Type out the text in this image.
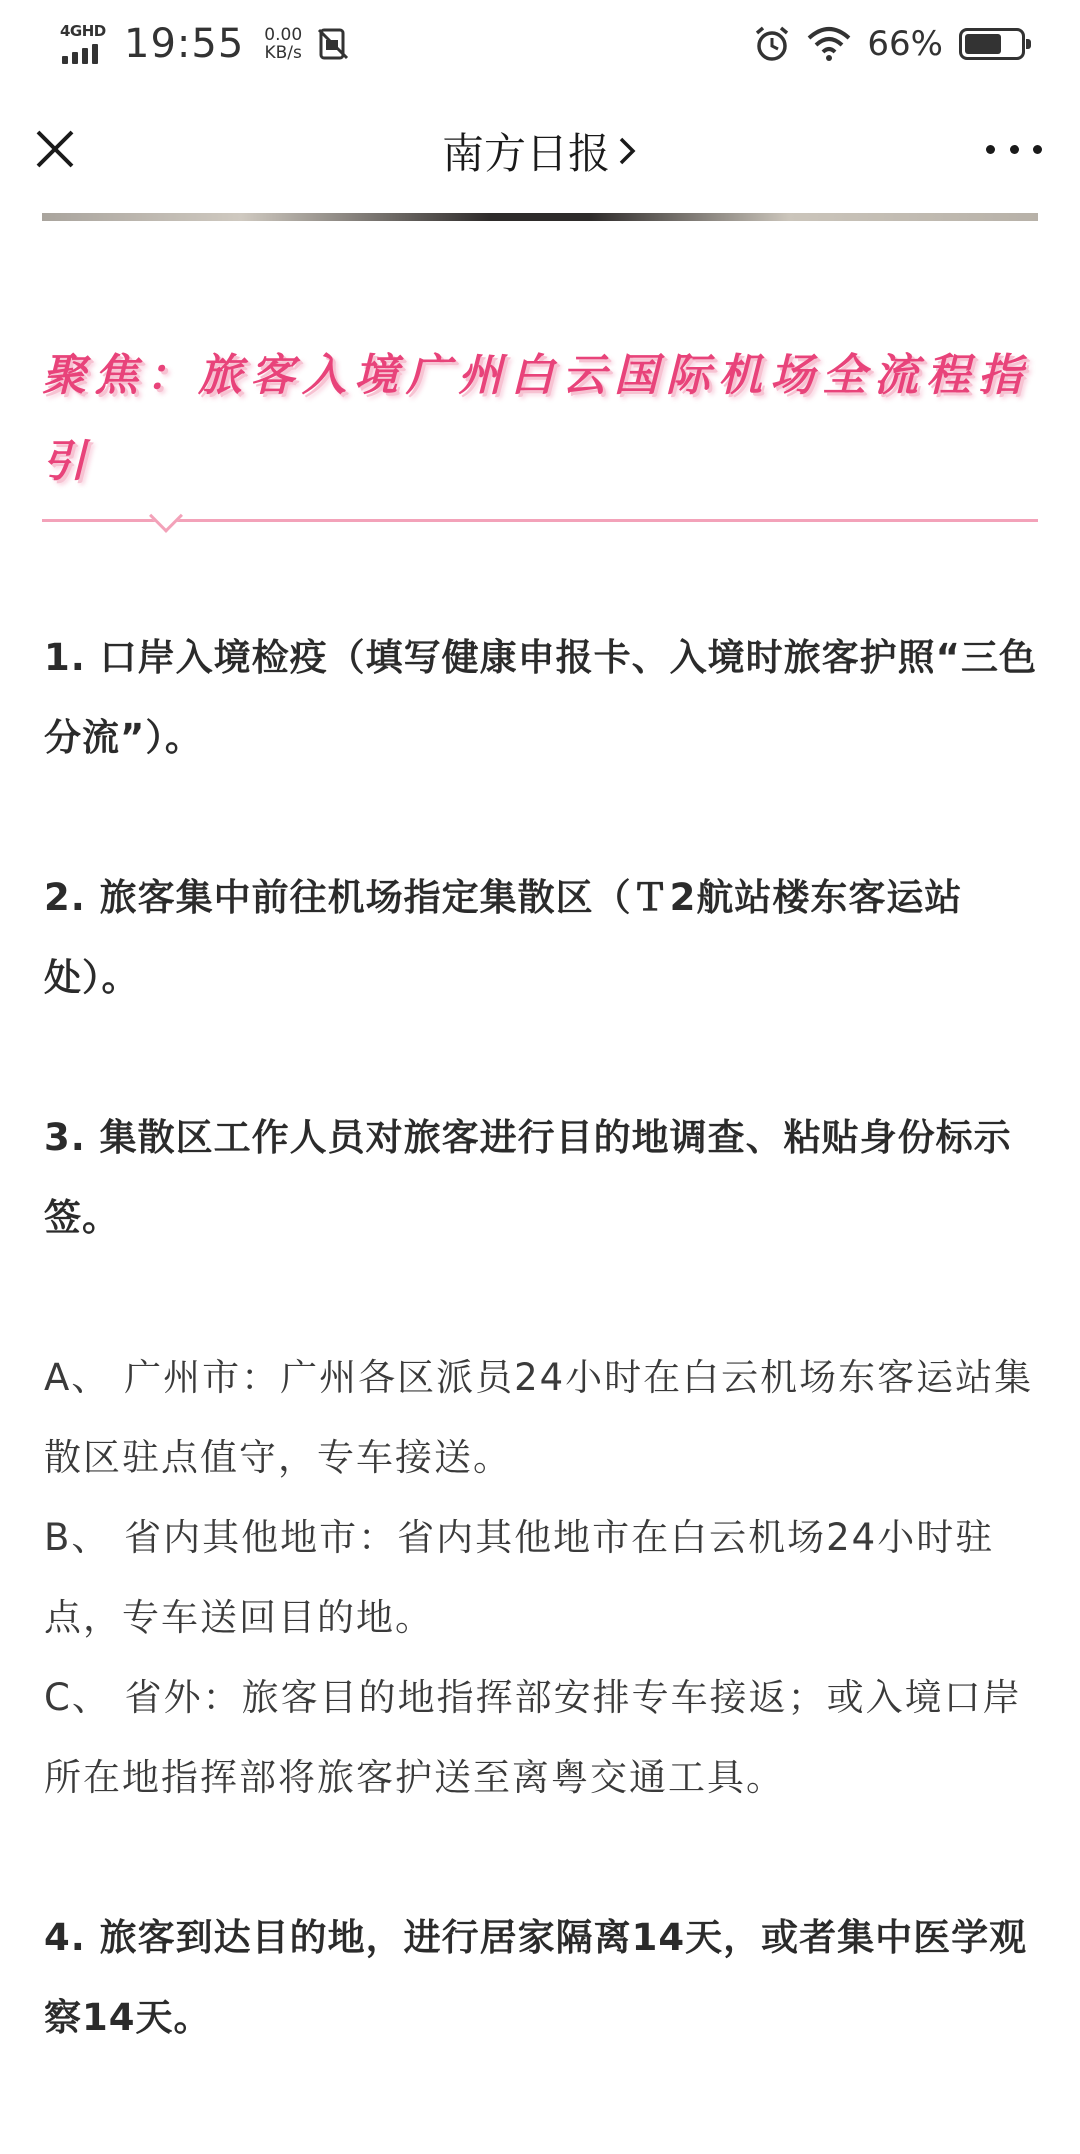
4GHD 19:55 0.00
KB/s	66%
南方日报
聚焦：旅客入境广州白云国际机场全流程指引

1. 口岸入境检疫（填写健康申报卡、入境时旅客护照“三色分流”）。

2. 旅客集中前往机场指定集散区（Ｔ2航站楼东客运站处）。

3. 集散区工作人员对旅客进行目的地调查、粘贴身份标示签。

A、 广州市：广州各区派员24小时在白云机场东客运站集散区驻点值守，专车接送。

B、 省内其他地市：省内其他地市在白云机场24小时驻点，专车送回目的地。

C、 省外：旅客目的地指挥部安排专车接返；或入境口岸所在地指挥部将旅客护送至离粤交通工具。

4. 旅客到达目的地，进行居家隔离14天，或者集中医学观察14天。
